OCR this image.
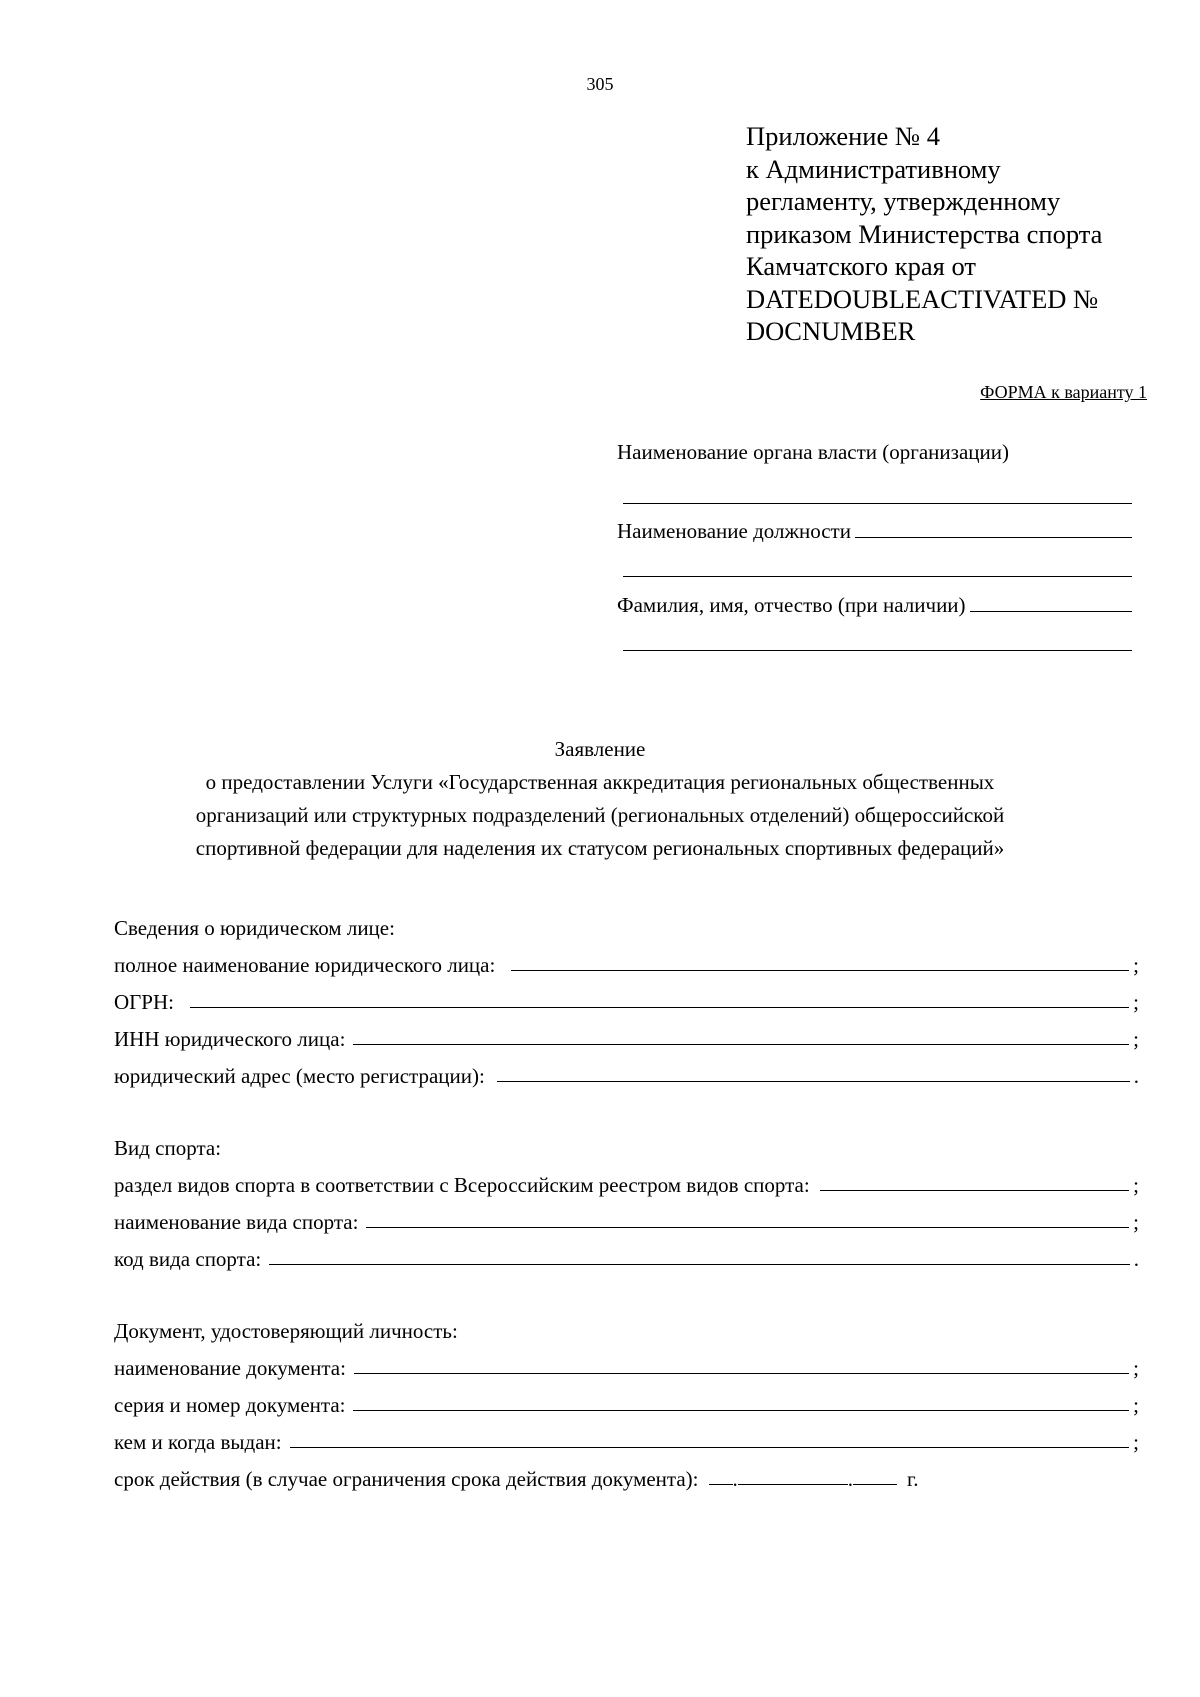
305
Приложение № 4
к Административному
регламенту, утвержденному
приказом Министерства спорта
Камчатского края от
DATEDOUBLEACTIVATED №
DOCNUMBER
ФОРМА к варианту 1
Наименование органа власти (организации)
Наименование должности
Фамилия, имя, отчество (при наличии)
Заявление
о предоставлении Услуги «Государственная аккредитация региональных общественных
организаций или структурных подразделений (региональных отделений) общероссийской
спортивной федерации для наделения их статусом региональных спортивных федераций»
Сведения о юридическом лице:
полное наименование юридического лица:	;
ОГРН:	;
ИНН юридического лица:	;
юридический адрес (место регистрации):	.
Вид спорта:
раздел видов спорта в соответствии с Всероссийским реестром видов спорта:	;
наименование вида спорта:	;
код вида спорта:	.
Документ, удостоверяющий личность:
наименование документа:	;
серия и номер документа:	;
кем и когда выдан:	;
срок действия (в случае ограничения срока действия документа): .	.	г.
